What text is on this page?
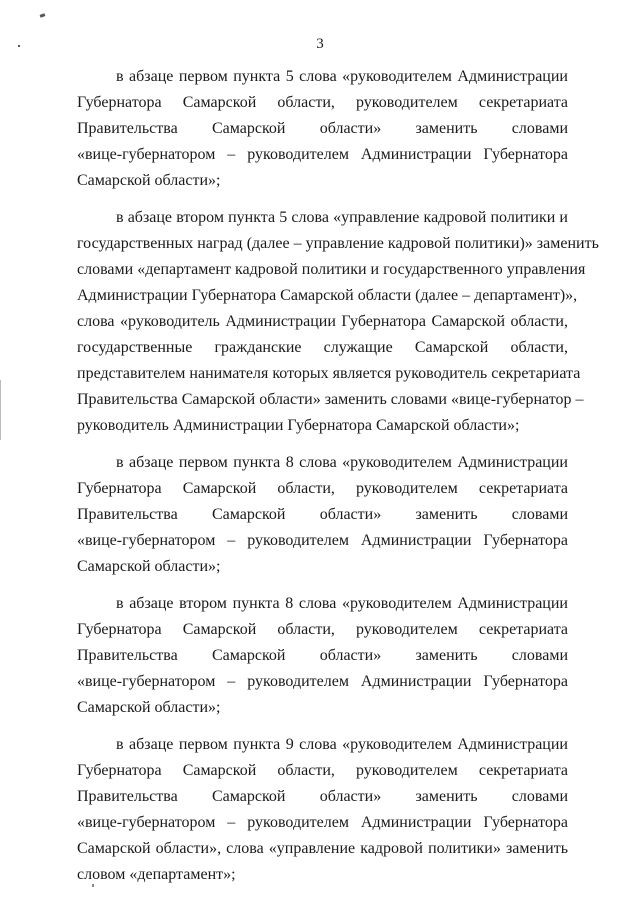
3

в абзаце первом пункта 5 слова «руководителем Администрации
Губернатора Самарской области, руководителем секретариата
Правительства Самарской области» заменить словами
«вице-губернатором – руководителем Администрации Губернатора
Самарской области»;

в абзаце втором пункта 5 слова «управление кадровой политики и
государственных наград (далее – управление кадровой политики)» заменить
словами «департамент кадровой политики и государственного управления
Администрации Губернатора Самарской области (далее – департамент)»,
слова «руководитель Администрации Губернатора Самарской области,
государственные гражданские служащие Самарской области,
представителем нанимателя которых является руководитель секретариата
Правительства Самарской области» заменить словами «вице-губернатор –
руководитель Администрации Губернатора Самарской области»;

в абзаце первом пункта 8 слова «руководителем Администрации
Губернатора Самарской области, руководителем секретариата
Правительства Самарской области» заменить словами
«вице-губернатором – руководителем Администрации Губернатора
Самарской области»;

в абзаце втором пункта 8 слова «руководителем Администрации
Губернатора Самарской области, руководителем секретариата
Правительства Самарской области» заменить словами
«вице-губернатором – руководителем Администрации Губернатора
Самарской области»;

в абзаце первом пункта 9 слова «руководителем Администрации
Губернатора Самарской области, руководителем секретариата
Правительства Самарской области» заменить словами
«вице-губернатором – руководителем Администрации Губернатора
Самарской области», слова «управление кадровой политики» заменить
словом «департамент»;
